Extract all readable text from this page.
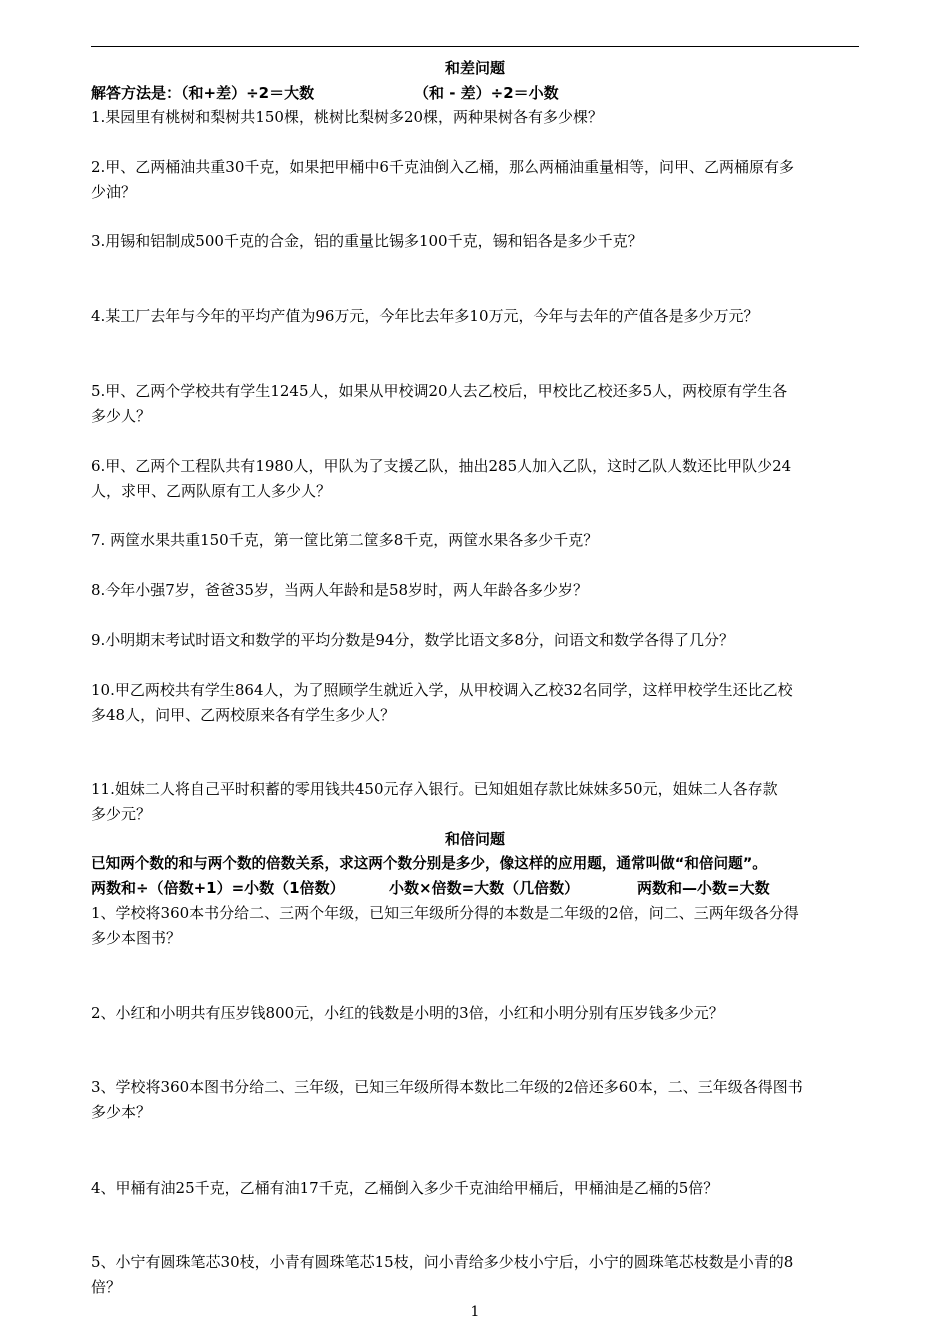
和差问题
解答方法是：（和+差）÷2＝大数	（和 - 差）÷2＝小数
1.果园里有桃树和梨树共150棵，桃树比梨树多20棵，两种果树各有多少棵？
2.甲、乙两桶油共重30千克，如果把甲桶中6千克油倒入乙桶，那么两桶油重量相等，问甲、乙两桶原有多
少油？
3.用锡和铝制成500千克的合金，铝的重量比锡多100千克，锡和铝各是多少千克？
4.某工厂去年与今年的平均产值为96万元，今年比去年多10万元，今年与去年的产值各是多少万元？
5.甲、乙两个学校共有学生1245人，如果从甲校调20人去乙校后，甲校比乙校还多5人，两校原有学生各
多少人？
6.甲、乙两个工程队共有1980人，甲队为了支援乙队，抽出285人加入乙队，这时乙队人数还比甲队少24
人，求甲、乙两队原有工人多少人？
7. 两筐水果共重150千克，第一筐比第二筐多8千克，两筐水果各多少千克？
8.今年小强7岁，爸爸35岁，当两人年龄和是58岁时，两人年龄各多少岁？
9.小明期末考试时语文和数学的平均分数是94分，数学比语文多8分，问语文和数学各得了几分？
10.甲乙两校共有学生864人，为了照顾学生就近入学，从甲校调入乙校32名同学，这样甲校学生还比乙校
多48人，问甲、乙两校原来各有学生多少人？
11.姐妹二人将自己平时积蓄的零用钱共450元存入银行。已知姐姐存款比妹妹多50元，姐妹二人各存款
多少元？
和倍问题
已知两个数的和与两个数的倍数关系，求这两个数分别是多少，像这样的应用题，通常叫做“和倍问题”。
两数和÷（倍数+1）=小数（1倍数）	小数×倍数=大数（几倍数）	两数和—小数=大数
1、学校将360本书分给二、三两个年级，已知三年级所分得的本数是二年级的2倍，问二、三两年级各分得
多少本图书？
2、小红和小明共有压岁钱800元，小红的钱数是小明的3倍，小红和小明分别有压岁钱多少元？
3、学校将360本图书分给二、三年级，已知三年级所得本数比二年级的2倍还多60本，二、三年级各得图书
多少本？
4、甲桶有油25千克，乙桶有油17千克，乙桶倒入多少千克油给甲桶后，甲桶油是乙桶的5倍？
5、小宁有圆珠笔芯30枝，小青有圆珠笔芯15枝，问小青给多少枝小宁后，小宁的圆珠笔芯枝数是小青的8
倍？
1
